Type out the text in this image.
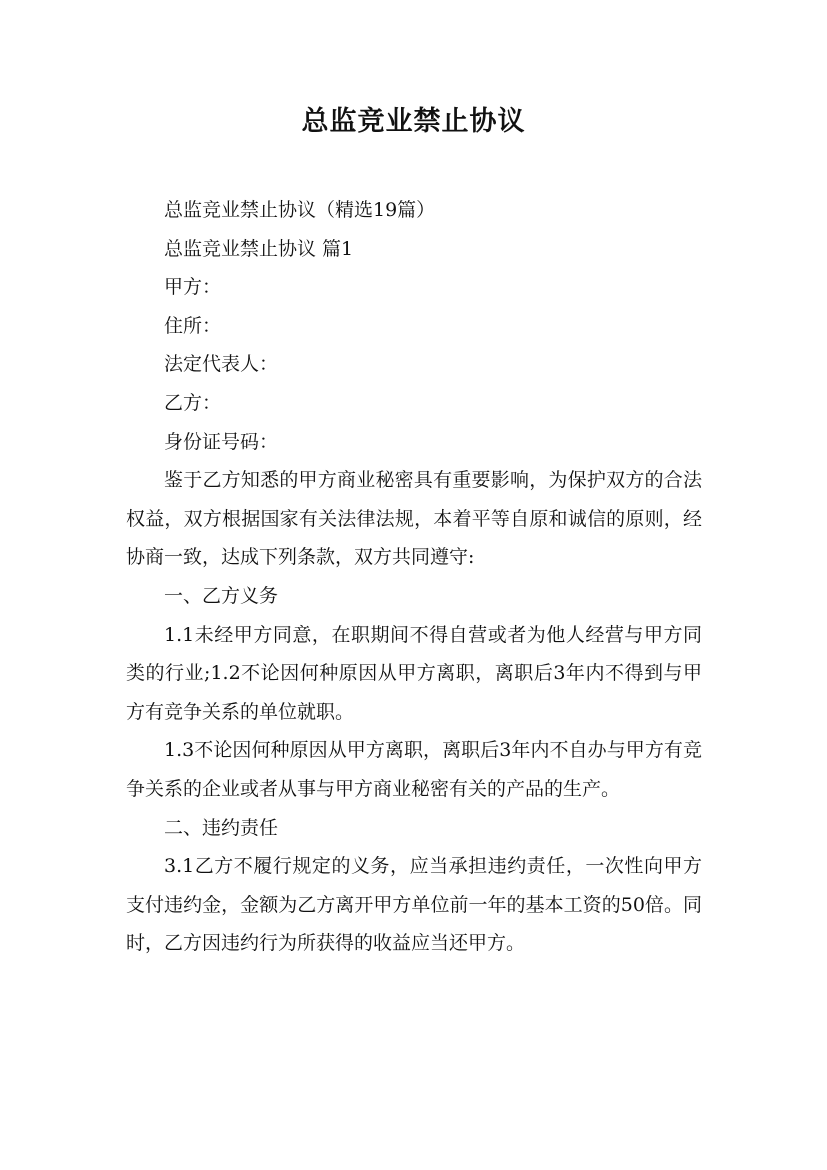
总监竞业禁止协议

总监竞业禁止协议（精选19篇）

总监竞业禁止协议 篇1

甲方：

住所：

法定代表人：

乙方：

身份证号码：

鉴于乙方知悉的甲方商业秘密具有重要影响，为保护双方的合法权益，双方根据国家有关法律法规，本着平等自原和诚信的原则，经协商一致，达成下列条款，双方共同遵守:

一、乙方义务

1.1未经甲方同意，在职期间不得自营或者为他人经营与甲方同类的行业;1.2不论因何种原因从甲方离职，离职后3年内不得到与甲方有竞争关系的单位就职。

1.3不论因何种原因从甲方离职，离职后3年内不自办与甲方有竞争关系的企业或者从事与甲方商业秘密有关的产品的生产。

二、违约责任

3.1乙方不履行规定的义务，应当承担违约责任，一次性向甲方支付违约金，金额为乙方离开甲方单位前一年的基本工资的50倍。同时，乙方因违约行为所获得的收益应当还甲方。
